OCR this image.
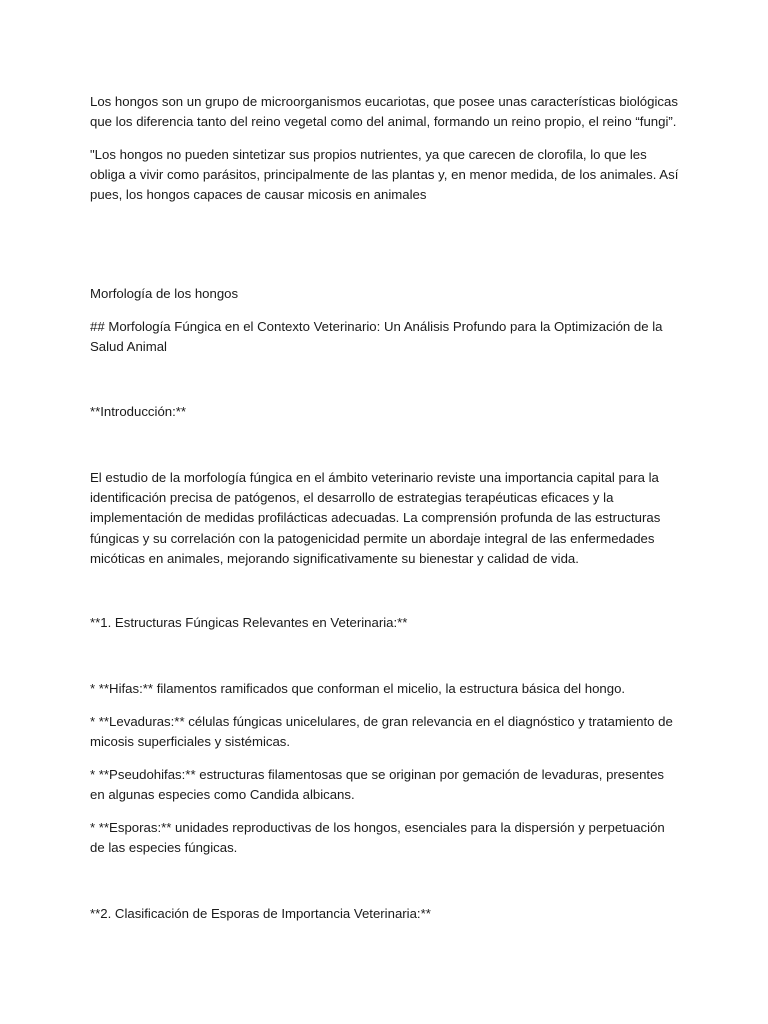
Los hongos son un grupo de microorganismos eucariotas, que posee unas características biológicas que los diferencia tanto del reino vegetal como del animal, formando un reino propio, el reino “fungi”.

"Los hongos no pueden sintetizar sus propios nutrientes, ya que carecen de clorofila, lo que les obliga a vivir como parásitos, principalmente de las plantas y, en menor medida, de los animales. Así pues, los hongos capaces de causar micosis en animales

Morfología de los hongos

## Morfología Fúngica en el Contexto Veterinario: Un Análisis Profundo para la Optimización de la Salud Animal

**Introducción:**

El estudio de la morfología fúngica en el ámbito veterinario reviste una importancia capital para la identificación precisa de patógenos, el desarrollo de estrategias terapéuticas eficaces y la implementación de medidas profilácticas adecuadas. La comprensión profunda de las estructuras fúngicas y su correlación con la patogenicidad permite un abordaje integral de las enfermedades micóticas en animales, mejorando significativamente su bienestar y calidad de vida.

**1. Estructuras Fúngicas Relevantes en Veterinaria:**

* **Hifas:** filamentos ramificados que conforman el micelio, la estructura básica del hongo.

* **Levaduras:** células fúngicas unicelulares, de gran relevancia en el diagnóstico y tratamiento de micosis superficiales y sistémicas.

* **Pseudohifas:** estructuras filamentosas que se originan por gemación de levaduras, presentes en algunas especies como Candida albicans.

* **Esporas:** unidades reproductivas de los hongos, esenciales para la dispersión y perpetuación de las especies fúngicas.

**2. Clasificación de Esporas de Importancia Veterinaria:**
